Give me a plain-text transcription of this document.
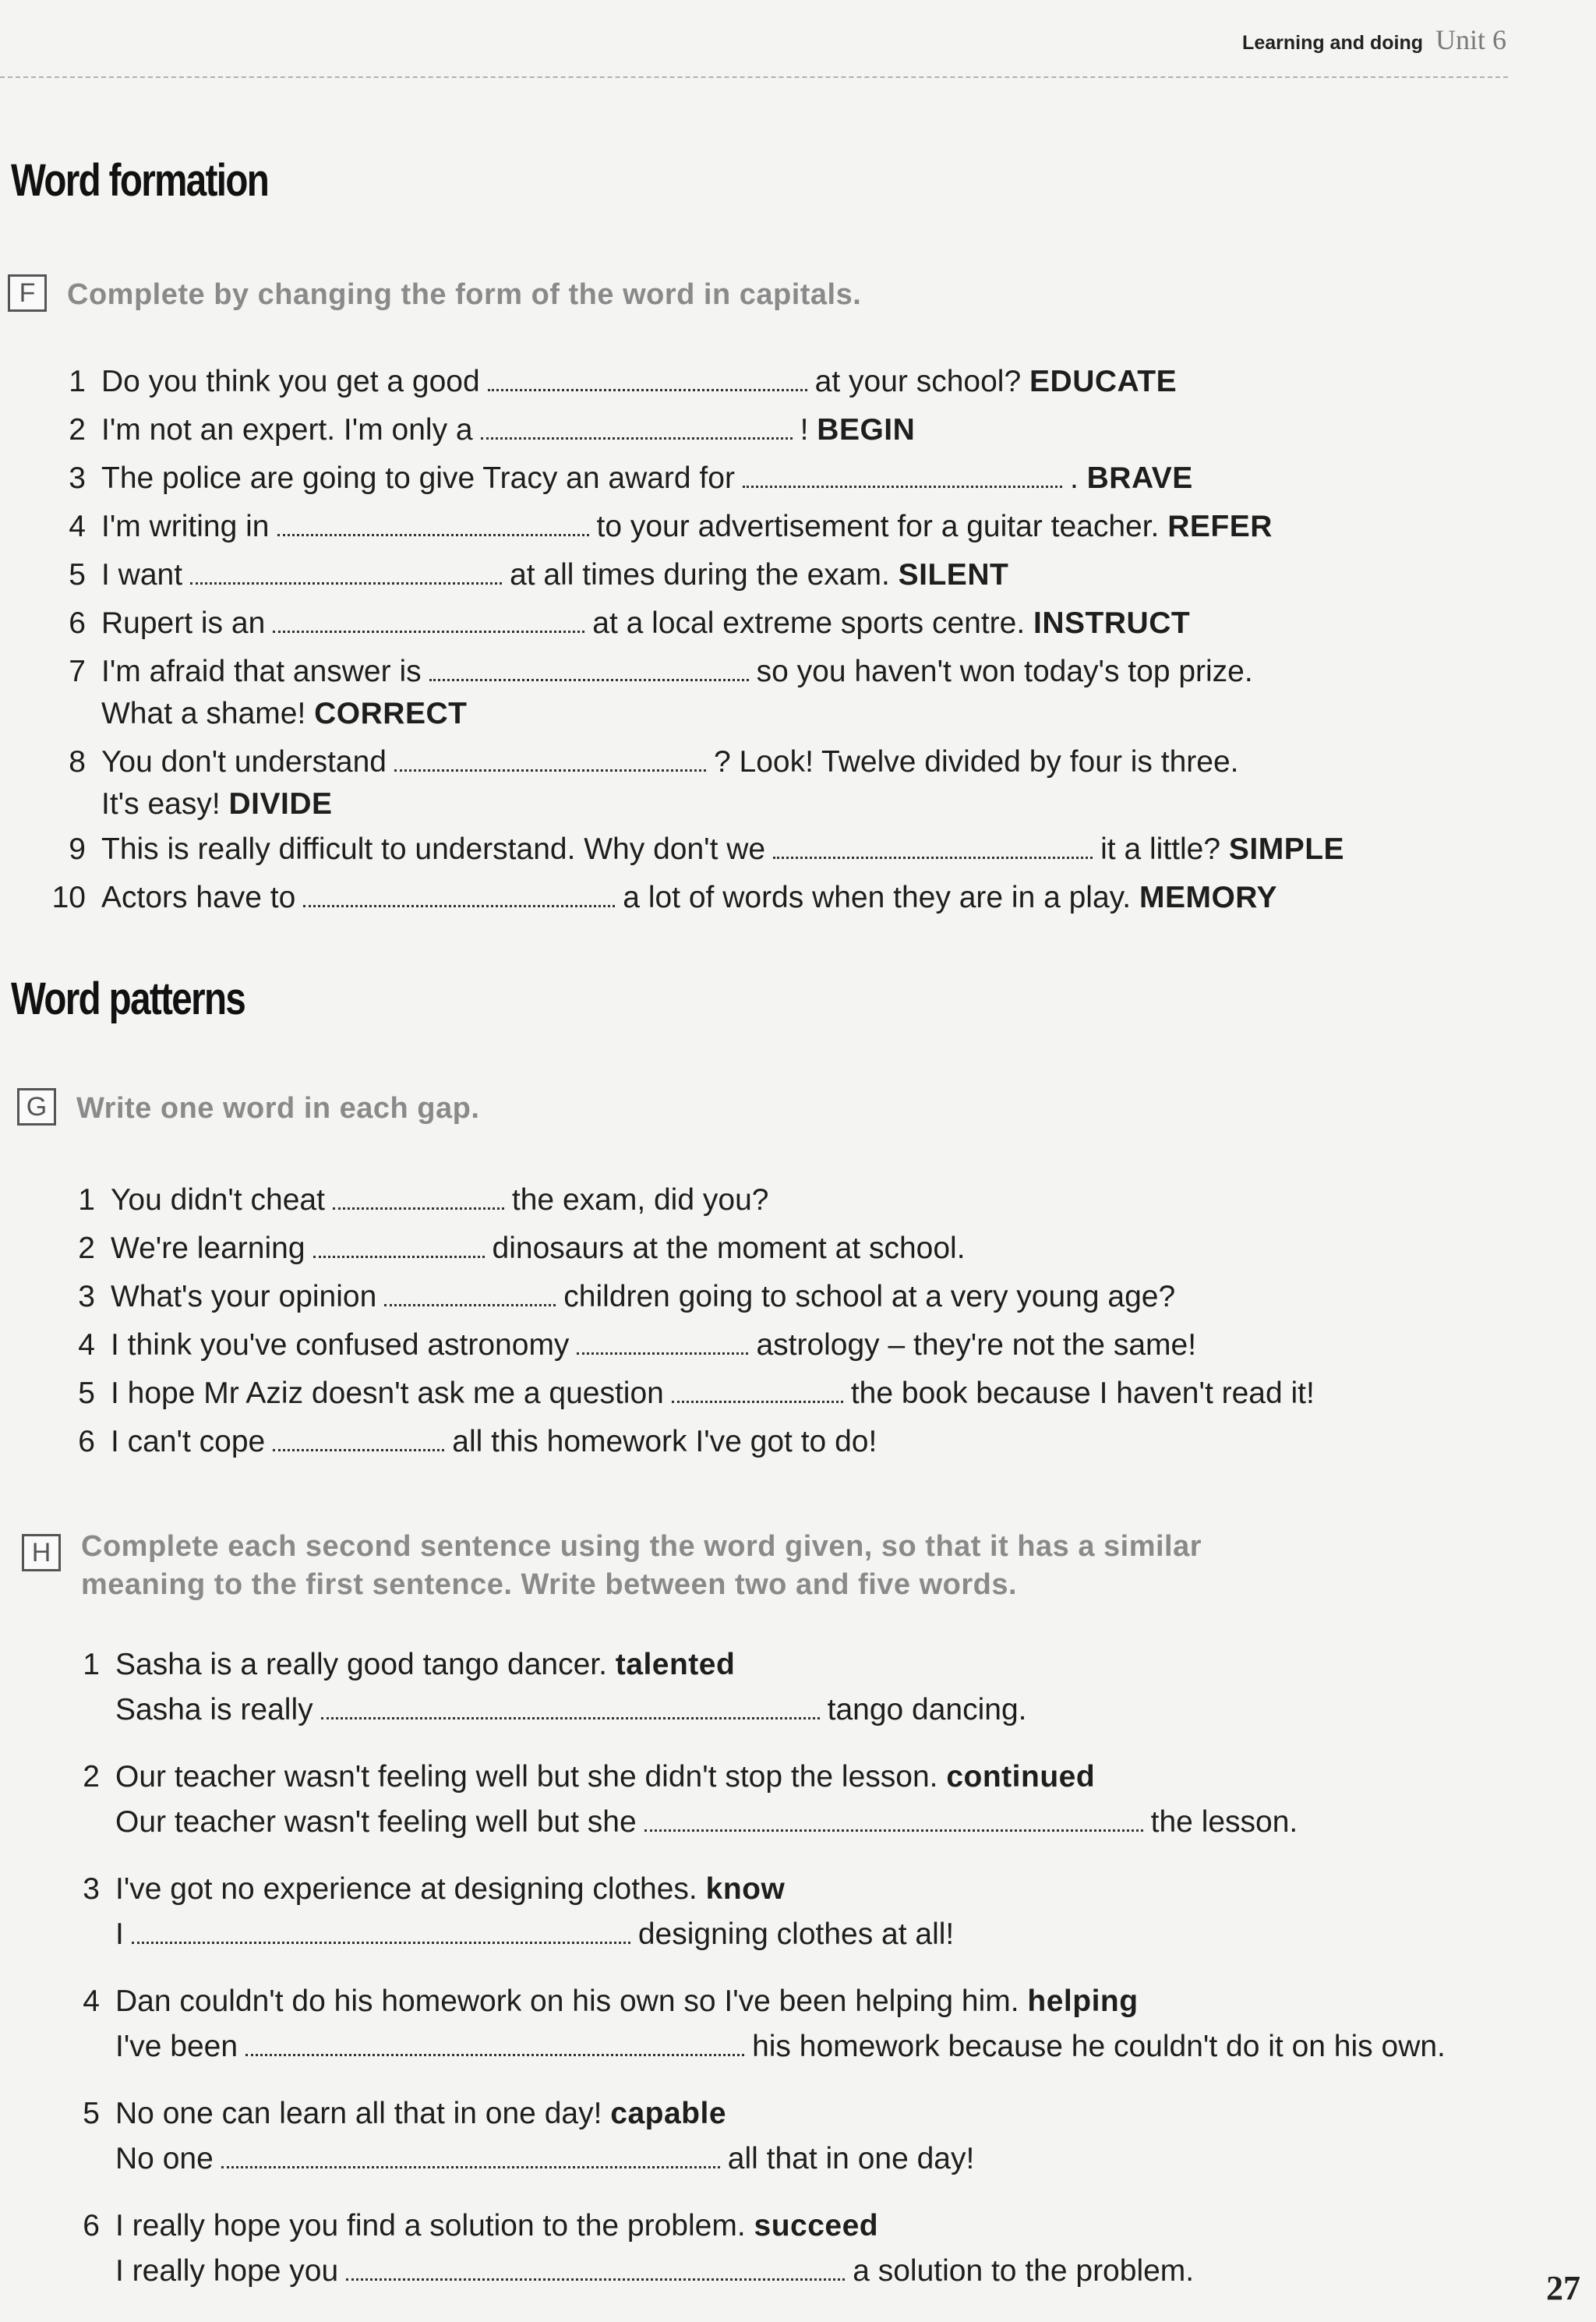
Learning and doing Unit 6
Word formation
F	Complete by changing the form of the word in capitals.
1 Do you think you get a good	at your school? EDUCATE
2 I'm not an expert. I'm only a	! BEGIN
3 The police are going to give Tracy an award for	. BRAVE
4 I'm writing in	to your advertisement for a guitar teacher. REFER
5 I want	at all times during the exam. SILENT
6 Rupert is an	at a local extreme sports centre. INSTRUCT
7 I'm afraid that answer is	so you haven't won today's top prize.
What a shame! CORRECT
8 You don't understand	? Look! Twelve divided by four is three.
It's easy! DIVIDE
9 This is really difficult to understand. Why don't we	it a little? SIMPLE
10 Actors have to	a lot of words when they are in a play. MEMORY
Word patterns
G Write one word in each gap.
1 You didn't cheat	the exam, did you?
2 We're learning	dinosaurs at the moment at school.
3 What's your opinion	children going to school at a very young age?
4 I think you've confused astronomy	astrology – they're not the same!
5 I hope Mr Aziz doesn't ask me a question	the book because I haven't read it!
6 I can't cope	all this homework I've got to do!
H	Complete each second sentence using the word given, so that it has a similar
meaning to the first sentence. Write between two and five words.
1 Sasha is a really good tango dancer. talented
Sasha is really	tango dancing.
2 Our teacher wasn't feeling well but she didn't stop the lesson. continued
Our teacher wasn't feeling well but she	the lesson.
3 I've got no experience at designing clothes. know
I	designing clothes at all!
4 Dan couldn't do his homework on his own so I've been helping him. helping
I've been	his homework because he couldn't do it on his own.
5 No one can learn all that in one day! capable
No one	all that in one day!
6 I really hope you find a solution to the problem. succeed
I really hope you	a solution to the problem.	27
